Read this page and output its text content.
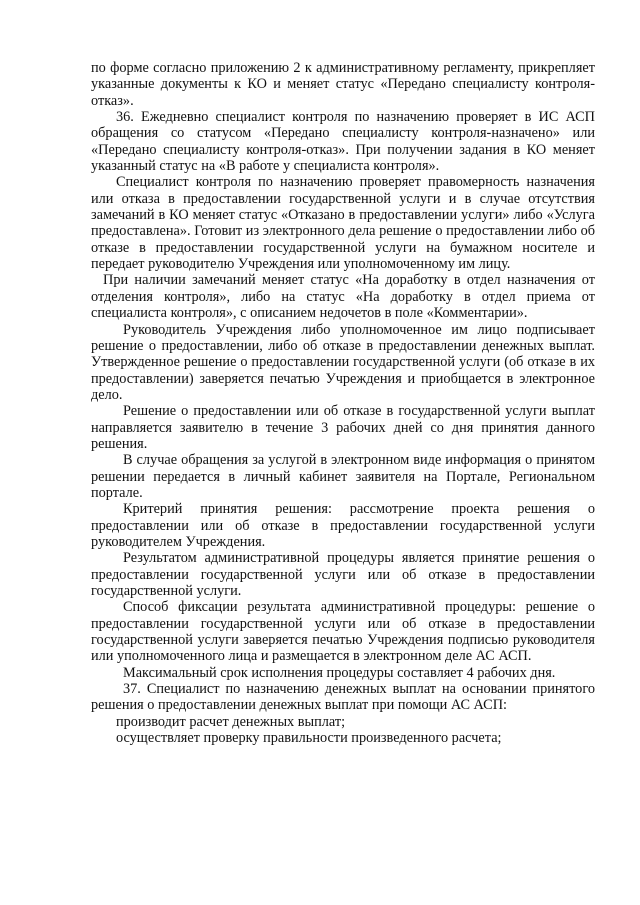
по форме согласно приложению 2 к административному регламенту, прикрепляет указанные документы к КО и меняет статус «Передано специалисту контроля-отказ».

36. Ежедневно специалист контроля по назначению проверяет в ИС АСП обращения со статусом «Передано специалисту контроля-назначено» или «Передано специалисту контроля-отказ». При получении задания в КО меняет указанный статус на «В работе у специалиста контроля».

Специалист контроля по назначению проверяет правомерность назначения или отказа в предоставлении государственной услуги и в случае отсутствия замечаний в КО меняет статус «Отказано в предоставлении услуги» либо «Услуга предоставлена». Готовит из электронного дела решение о предоставлении либо об отказе в предоставлении государственной услуги на бумажном носителе и передает руководителю Учреждения или уполномоченному им лицу.

При наличии замечаний меняет статус «На доработку в отдел назначения от отделения контроля», либо на статус «На доработку в отдел приема от специалиста контроля», с описанием недочетов в поле «Комментарии».

Руководитель Учреждения либо уполномоченное им лицо подписывает решение о предоставлении, либо об отказе в предоставлении денежных выплат. Утвержденное решение о предоставлении государственной услуги (об отказе в их предоставлении) заверяется печатью Учреждения и приобщается в электронное дело.

Решение о предоставлении или об отказе в государственной услуги выплат направляется заявителю в течение 3 рабочих дней со дня принятия данного решения.

В случае обращения за услугой в электронном виде информация о принятом решении передается в личный кабинет заявителя на Портале, Региональном портале.

Критерий принятия решения: рассмотрение проекта решения о предоставлении или об отказе в предоставлении государственной услуги руководителем Учреждения.

Результатом административной процедуры является принятие решения о предоставлении государственной услуги или об отказе в предоставлении государственной услуги.

Способ фиксации результата административной процедуры: решение о предоставлении государственной услуги или об отказе в предоставлении государственной услуги заверяется печатью Учреждения подписью руководителя или уполномоченного лица и размещается в электронном деле АС АСП.

Максимальный срок исполнения процедуры составляет 4 рабочих дня.

37. Специалист по назначению денежных выплат на основании принятого решения о предоставлении денежных выплат при помощи АС АСП:

производит расчет денежных выплат;

осуществляет проверку правильности произведенного расчета;
